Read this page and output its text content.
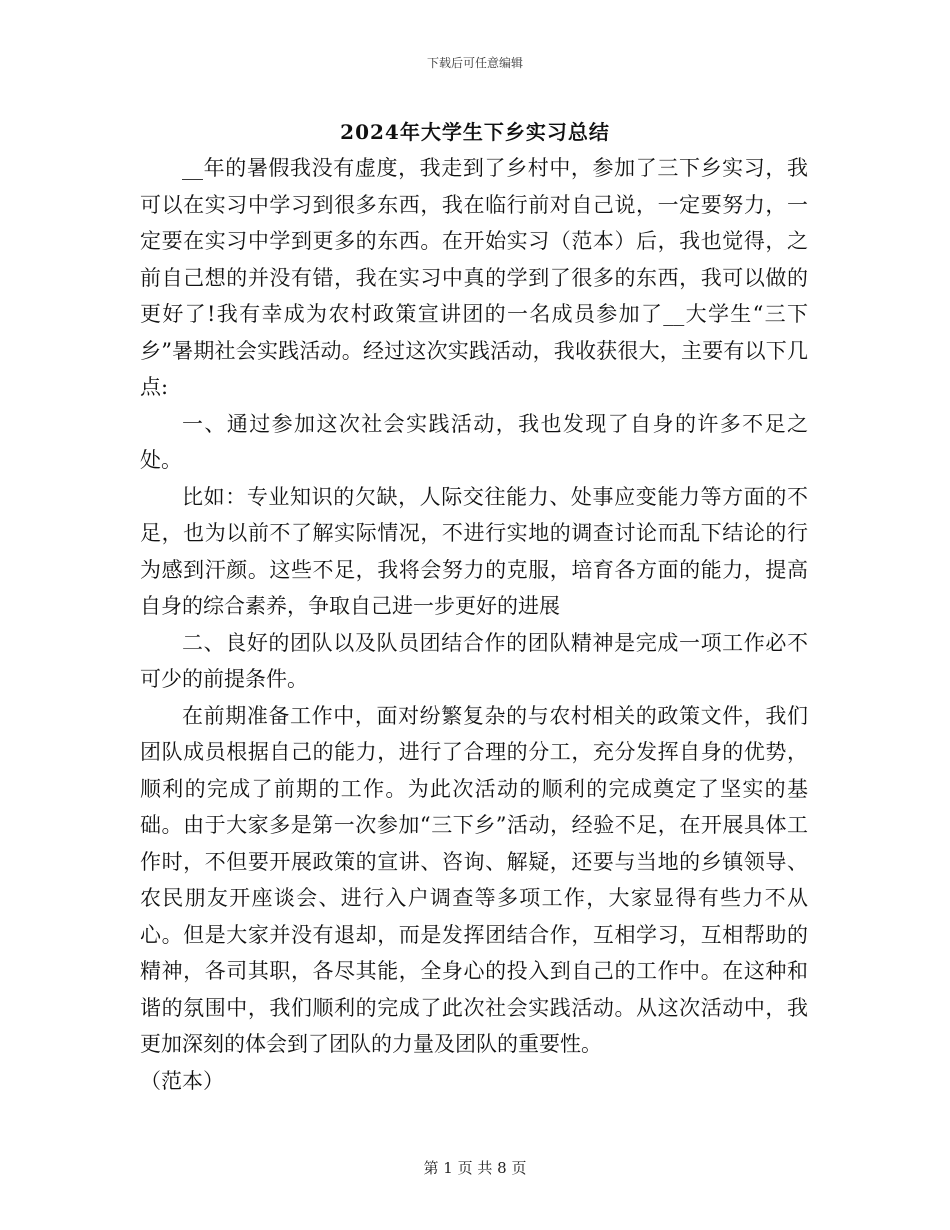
下载后可任意编辑
2024年大学生下乡实习总结

__年的暑假我没有虚度，我走到了乡村中，参加了三下乡实习，我可以在实习中学习到很多东西，我在临行前对自己说，一定要努力，一定要在实习中学到更多的东西。在开始实习（范本）后，我也觉得，之前自己想的并没有错，我在实习中真的学到了很多的东西，我可以做的更好了!我有幸成为农村政策宣讲团的一名成员参加了__大学生“三下乡”暑期社会实践活动。经过这次实践活动，我收获很大，主要有以下几点:

一、通过参加这次社会实践活动，我也发现了自身的许多不足之处。

比如：专业知识的欠缺，人际交往能力、处事应变能力等方面的不足，也为以前不了解实际情况，不进行实地的调查讨论而乱下结论的行为感到汗颜。这些不足，我将会努力的克服，培育各方面的能力，提高自身的综合素养，争取自己进一步更好的进展

二、良好的团队以及队员团结合作的团队精神是完成一项工作必不可少的前提条件。

在前期准备工作中，面对纷繁复杂的与农村相关的政策文件，我们团队成员根据自己的能力，进行了合理的分工，充分发挥自身的优势，顺利的完成了前期的工作。为此次活动的顺利的完成奠定了坚实的基础。由于大家多是第一次参加“三下乡”活动，经验不足，在开展具体工作时，不但要开展政策的宣讲、咨询、解疑，还要与当地的乡镇领导、农民朋友开座谈会、进行入户调查等多项工作，大家显得有些力不从心。但是大家并没有退却，而是发挥团结合作，互相学习，互相帮助的精神，各司其职，各尽其能，全身心的投入到自己的工作中。在这种和谐的氛围中，我们顺利的完成了此次社会实践活动。从这次活动中，我更加深刻的体会到了团队的力量及团队的重要性。

（范本）

第 1 页 共 8 页
